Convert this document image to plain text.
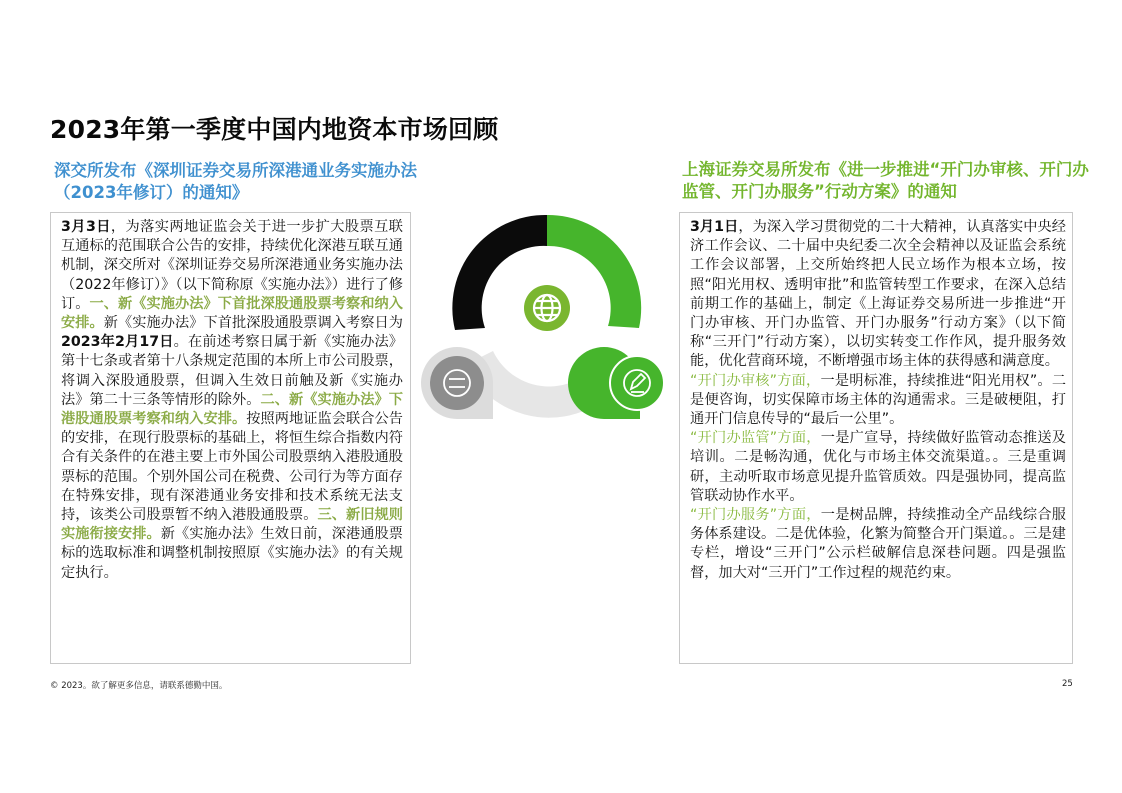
2023年第一季度中国内地资本市场回顾
深交所发布《深圳证券交易所深港通业务实施办法（2023年修订）的通知》
上海证券交易所发布《进一步推进“开门办审核、开门办监管、开门办服务”行动方案》的通知

3月3日，为落实两地证监会关于进一步扩大股票互联互通标的范围联合公告的安排，持续优化深港互联互通机制，深交所对《深圳证券交易所深港通业务实施办法（2022年修订）》（以下简称原《实施办法》）进行了修订。一、新《实施办法》下首批深股通股票考察和纳入安排。新《实施办法》下首批深股通股票调入考察日为2023年2月17日。在前述考察日属于新《实施办法》第十七条或者第十八条规定范围的本所上市公司股票，将调入深股通股票，但调入生效日前触及新《实施办法》第二十三条等情形的除外。二、新《实施办法》下港股通股票考察和纳入安排。按照两地证监会联合公告的安排，在现行股票标的基础上，将恒生综合指数内符合有关条件的在港主要上市外国公司股票纳入港股通股票标的范围。个别外国公司在税费、公司行为等方面存在特殊安排，现有深港通业务安排和技术系统无法支持，该类公司股票暂不纳入港股通股票。三、新旧规则实施衔接安排。新《实施办法》生效日前，深港通股票标的选取标准和调整机制按照原《实施办法》的有关规定执行。

3月1日，为深入学习贯彻党的二十大精神，认真落实中央经济工作会议、二十届中央纪委二次全会精神以及证监会系统工作会议部署，上交所始终把人民立场作为根本立场，按照“阳光用权、透明审批”和监管转型工作要求，在深入总结前期工作的基础上，制定《上海证券交易所进一步推进“开门办审核、开门办监管、开门办服务”行动方案》（以下简称“三开门”行动方案），以切实转变工作作风，提升服务效能，优化营商环境，不断增强市场主体的获得感和满意度。

“开门办审核”方面，一是明标准，持续推进“阳光用权”。二是便咨询，切实保障市场主体的沟通需求。三是破梗阻，打通开门信息传导的“最后一公里”。

“开门办监管”方面，一是广宣导，持续做好监管动态推送及培训。二是畅沟通，优化与市场主体交流渠道。。三是重调研，主动听取市场意见提升监管质效。四是强协同，提高监管联动协作水平。

“开门办服务”方面，一是树品牌，持续推动全产品线综合服务体系建设。二是优体验，化繁为简整合开门渠道。。三是建专栏，增设“三开门”公示栏破解信息深巷问题。四是强监督，加大对“三开门”工作过程的规范约束。

© 2023。欲了解更多信息，请联系德勤中国。	25
